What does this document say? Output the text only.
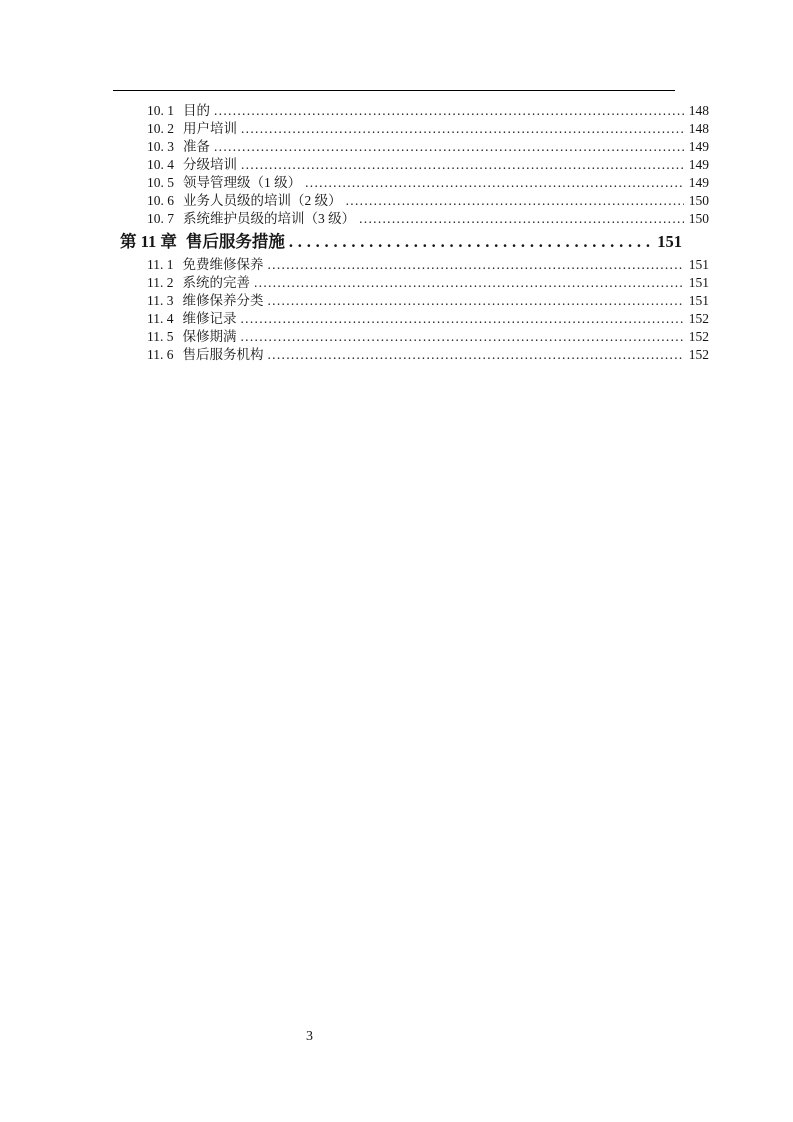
10. 1 目的 .....	148
10. 2 用户培训 .....	148
10. 3 准备 .....	149
10. 4 分级培训 .....	149
10. 5 领导管理级（1 级） .....	149
10. 6 业务人员级的培训（2 级） .....	150
10. 7 系统维护员级的培训（3 级） .....	150
第 11 章 售后服务措施 .....	151
11. 1 免费维修保养 .....	151
11. 2 系统的完善 .....	151
11. 3 维修保养分类 .....	151
11. 4 维修记录 .....	152
11. 5 保修期满 .....	152
11. 6 售后服务机构 .....	152
3
